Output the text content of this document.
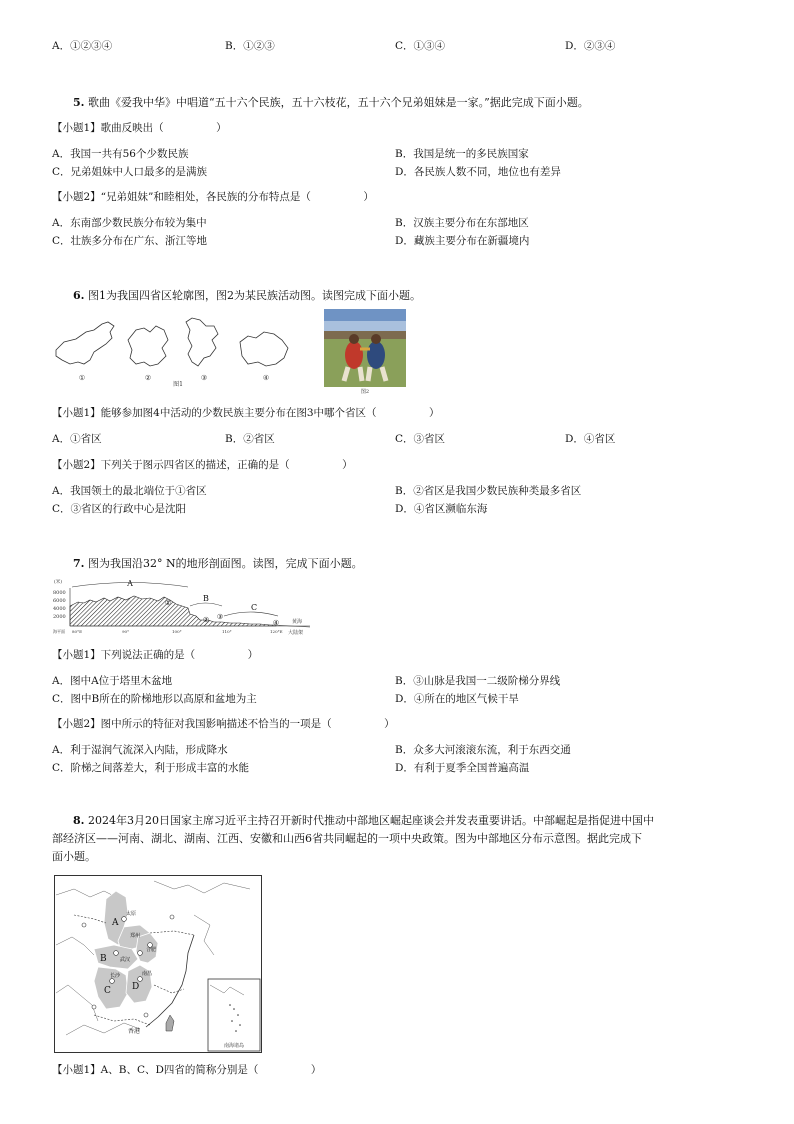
A．①②③④	B．①②③	C．①③④	D．②③④
5. 歌曲《爱我中华》中唱道“五十六个民族，五十六枝花，五十六个兄弟姐妹是一家。”据此完成下面小题。
【小题1】歌曲反映出（　　　　　）
A．我国一共有56个少数民族	B．我国是统一的多民族国家
C．兄弟姐妹中人口最多的是满族	D．各民族人数不同，地位也有差异
【小题2】“兄弟姐妹”和睦相处，各民族的分布特点是（　　　　　）
A．东南部少数民族分布较为集中	B．汉族主要分布在东部地区
C．壮族多分布在广东、浙江等地	D．藏族主要分布在新疆境内
6. 图1为我国四省区轮廓图，图2为某民族活动图。读图完成下面小题。
①	②	③	④
图1
图2
【小题1】能够参加图4中活动的少数民族主要分布在图3中哪个省区（　　　　　）
A．①省区	B．②省区	C．③省区	D．④省区
【小题2】下列关于图示四省区的描述，正确的是（　　　　　）
A．我国领土的最北端位于①省区	B．②省区是我国少数民族种类最多省区
C．③省区的行政中心是沈阳	D．④省区濒临东海
7. 图为我国沿32° N的地形剖面图。读图，完成下面小题。
(米)
8000
6000
4000
2000
A
B
C
①
② ③
④	黄海
大陆架
海平面 80°E	90°	100°	110°	120°E
【小题1】下列说法正确的是（　　　　　）
A．图中A位于塔里木盆地	B．③山脉是我国一二级阶梯分界线
C．图中B所在的阶梯地形以高原和盆地为主	D．④所在的地区气候干旱
【小题2】图中所示的特征对我国影响描述不恰当的一项是（　　　　　）
A．利于湿润气流深入内陆，形成降水	B．众多大河滚滚东流，利于东西交通
C．阶梯之间落差大，利于形成丰富的水能	D．有利于夏季全国普遍高温
8. 2024年3月20日国家主席习近平主持召开新时代推动中部地区崛起座谈会并发表重要讲话。中部崛起是指促进中国中
部经济区——河南、湖北、湖南、江西、安徽和山西6省共同崛起的一项中央政策。图为中部地区分布示意图。据此完成下
面小题。
A
B
C D
武汉
郑州
合肥
长沙	南昌
太原
香港
南海诸岛
【小题1】A、B、C、D四省的简称分别是（　　　　　）
